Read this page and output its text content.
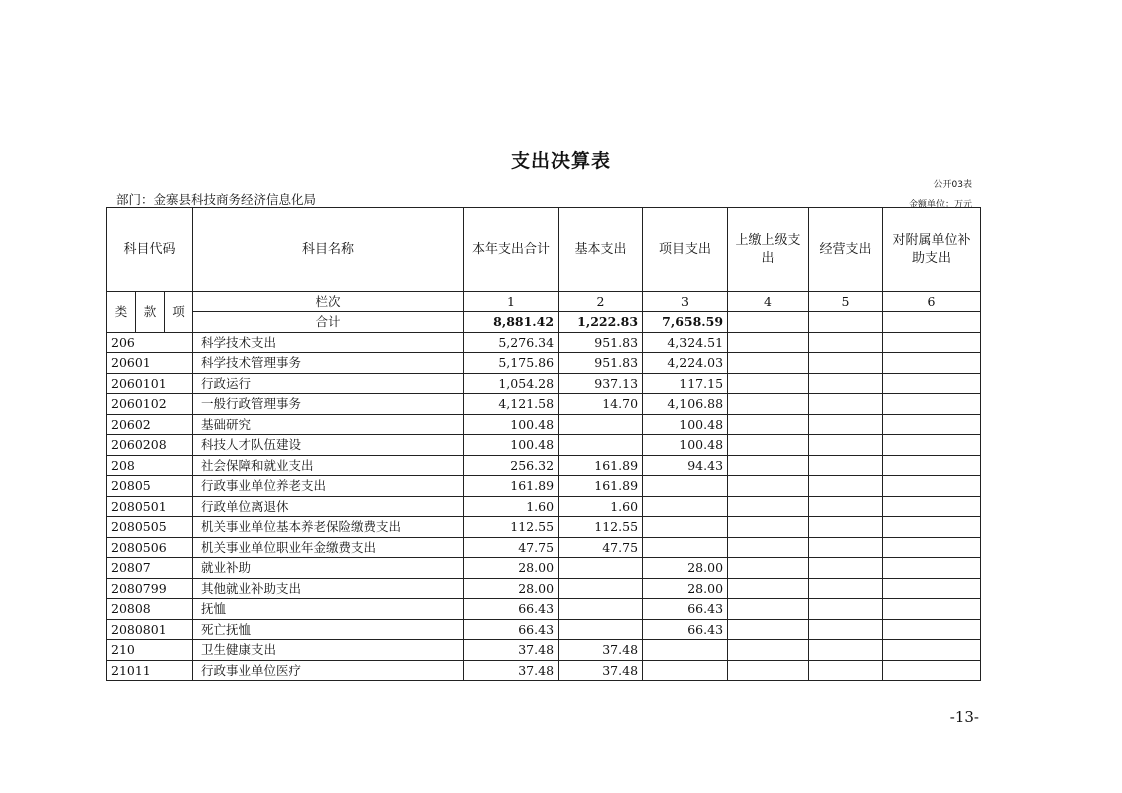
支出决算表
公开03表
部门：金寨县科技商务经济信息化局	金额单位：万元
科目代码			科目名称	本年支出合计	基本支出	项目支出	上缴上级支出	经营支出	对附属单位补助支出
类	款	项	栏次	1	2	3	4	5	6
			合计	8,881.42	1,222.83	7,658.59			
206			科学技术支出	5,276.34	951.83	4,324.51			
20601			科学技术管理事务	5,175.86	951.83	4,224.03			
2060101			行政运行	1,054.28	937.13	117.15			
2060102			一般行政管理事务	4,121.58	14.70	4,106.88			
20602			基础研究	100.48		100.48			
2060208			科技人才队伍建设	100.48		100.48			
208			社会保障和就业支出	256.32	161.89	94.43			
20805			行政事业单位养老支出	161.89	161.89				
2080501			行政单位离退休	1.60	1.60				
2080505			机关事业单位基本养老保险缴费支出	112.55	112.55				
2080506			机关事业单位职业年金缴费支出	47.75	47.75				
20807			就业补助	28.00		28.00			
2080799			其他就业补助支出	28.00		28.00			
20808			抚恤	66.43		66.43			
2080801			死亡抚恤	66.43		66.43			
210			卫生健康支出	37.48	37.48				
21011			行政事业单位医疗	37.48	37.48				
-13-
